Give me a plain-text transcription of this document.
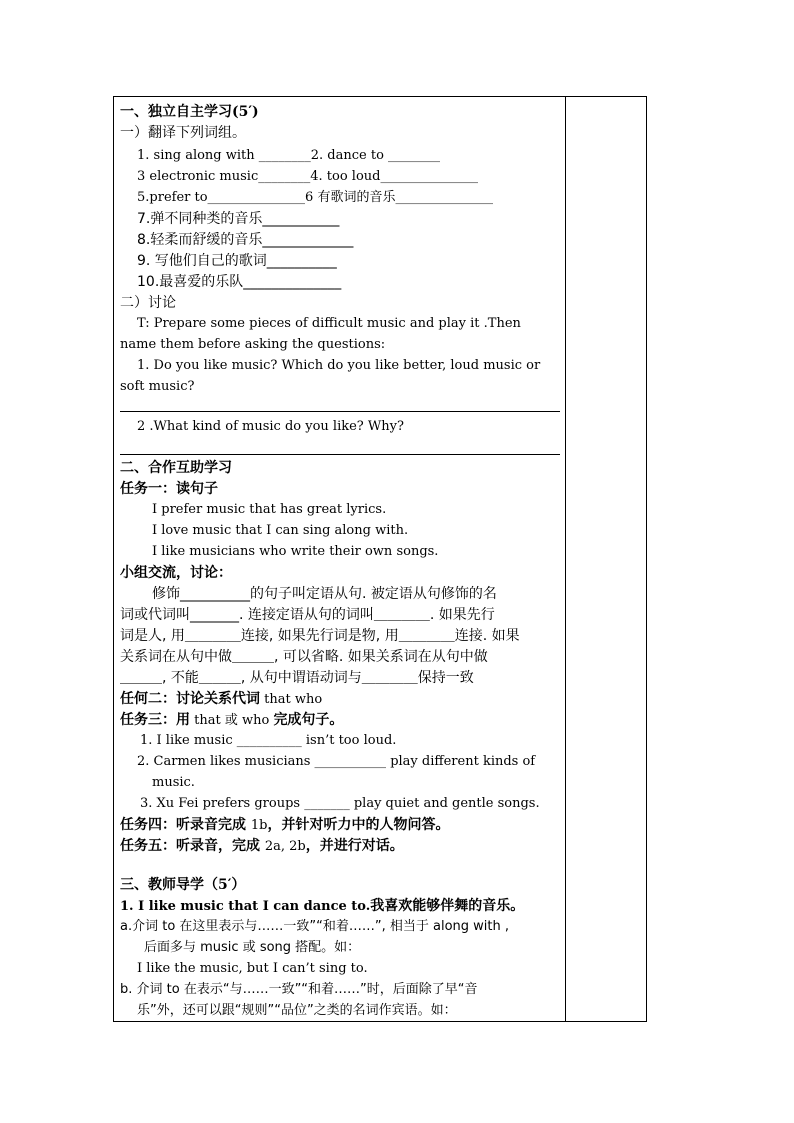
一、独立自主学习(5′)
一）翻译下列词组。
1. sing along with ________2. dance to ________
3 electronic music________4. too loud_______________
5.prefer to_______________6 有歌词的音乐_______________
7.弹不同种类的音乐___________
8.轻柔而舒缓的音乐_____________
9. 写他们自己的歌词__________
10.最喜爱的乐队______________
二）讨论
T: Prepare some pieces of difficult music and play it .Then
name them before asking the questions:
1. Do you like music? Which do you like better, loud music or
soft music?
2 .What kind of music do you like? Why?
二、合作互助学习
任务一：读句子
I prefer music that has great lyrics.
I love music that I can sing along with.
I like musicians who write their own songs.
小组交流，讨论：
修饰__________的句子叫定语从句. 被定语从句修饰的名
词或代词叫_______. 连接定语从句的词叫＿＿＿＿. 如果先行
词是人, 用＿＿＿＿连接, 如果先行词是物, 用＿＿＿＿连接. 如果
关系词在从句中做＿＿＿, 可以省略. 如果关系词在从句中做
＿＿＿, 不能＿＿＿, 从句中谓语动词与＿＿＿＿保持一致
任何二：讨论关系代词 that who
任务三：用 that 或 who 完成句子。
1. I like music __________ isn’t too loud.
2. Carmen likes musicians ___________ play different kinds of
music.
3. Xu Fei prefers groups _______ play quiet and gentle songs.
任务四：听录音完成 1b，并针对听力中的人物问答。
任务五：听录音，完成 2a, 2b，并进行对话。
三、教师导学（5′）
1. I like music that I can dance to.我喜欢能够伴舞的音乐。
a.介词 to 在这里表示与……一致”“和着……”, 相当于 along with ,
后面多与 music 或 song 搭配。如：
I like the music, but I can’t sing to.
b. 介词 to 在表示“与……一致”“和着……”时，后面除了早“音
乐”外，还可以跟“规则”“品位”之类的名词作宾语。如：
